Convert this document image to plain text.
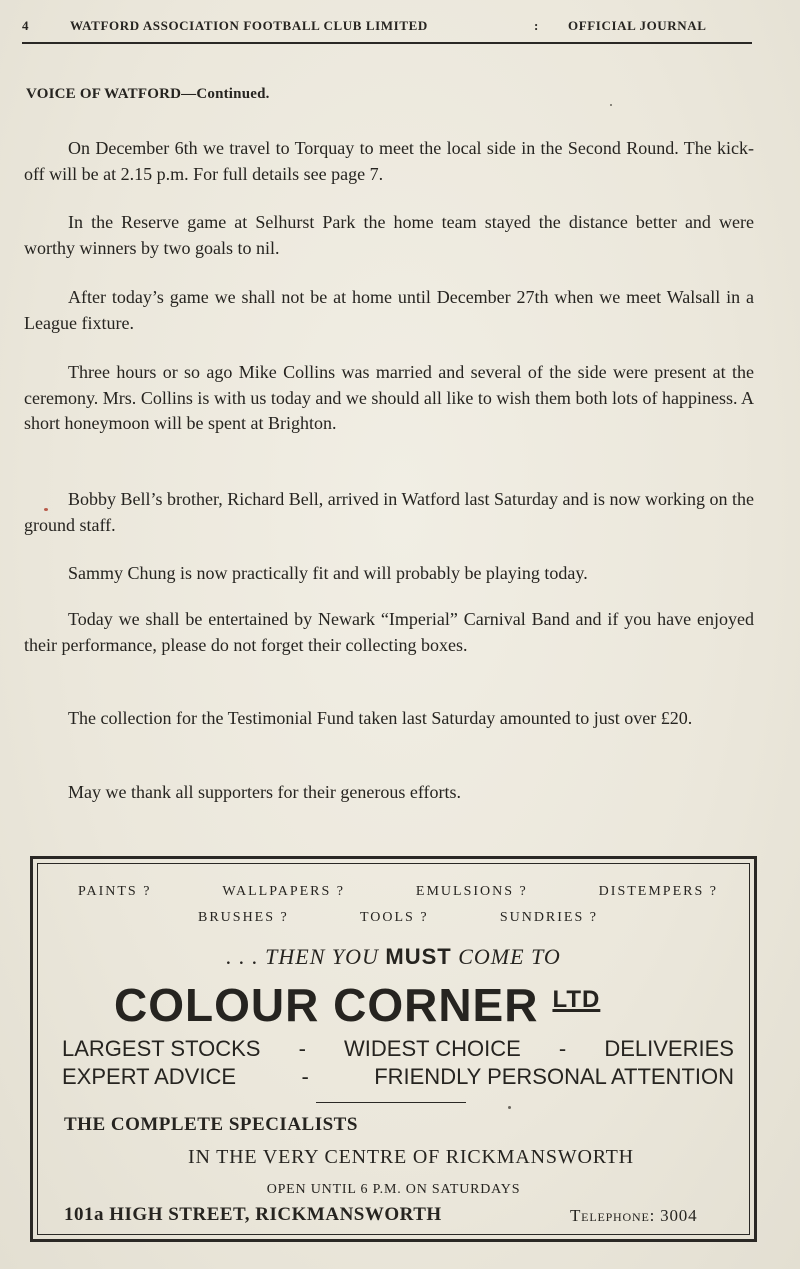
4	WATFORD ASSOCIATION FOOTBALL CLUB LIMITED	: OFFICIAL JOURNAL
VOICE OF WATFORD—Continued.

On December 6th we travel to Torquay to meet the local side in the Second Round. The kick-off will be at 2.15 p.m. For full details see page 7.

In the Reserve game at Selhurst Park the home team stayed the distance better and were worthy winners by two goals to nil.

After today’s game we shall not be at home until December 27th when we meet Walsall in a League fixture.

Three hours or so ago Mike Collins was married and several of the side were present at the ceremony. Mrs. Collins is with us today and we should all like to wish them both lots of happiness. A short honeymoon will be spent at Brighton.

Bobby Bell’s brother, Richard Bell, arrived in Watford last Saturday and is now working on the ground staff.

Sammy Chung is now practically fit and will probably be playing today.

Today we shall be entertained by Newark “Imperial” Carnival Band and if you have enjoyed their performance, please do not forget their collecting boxes.

The collection for the Testimonial Fund taken last Saturday amounted to just over £20.

May we thank all supporters for their generous efforts.

PAINTS ?	WALLPAPERS ?	EMULSIONS ?	DISTEMPERS ?
BRUSHES ?	TOOLS ?	SUNDRIES ?
. . . THEN YOU MUST COME TO
COLOUR CORNER $^{LTD}$
LARGEST STOCKS - WIDEST CHOICE - DELIVERIES
EXPERT ADVICE	-	FRIENDLY PERSONAL ATTENTION
THE COMPLETE SPECIALISTS
IN THE VERY CENTRE OF RICKMANSWORTH
OPEN UNTIL 6 P.M. ON SATURDAYS
101a HIGH STREET, RICKMANSWORTH	Telephone: 3004
